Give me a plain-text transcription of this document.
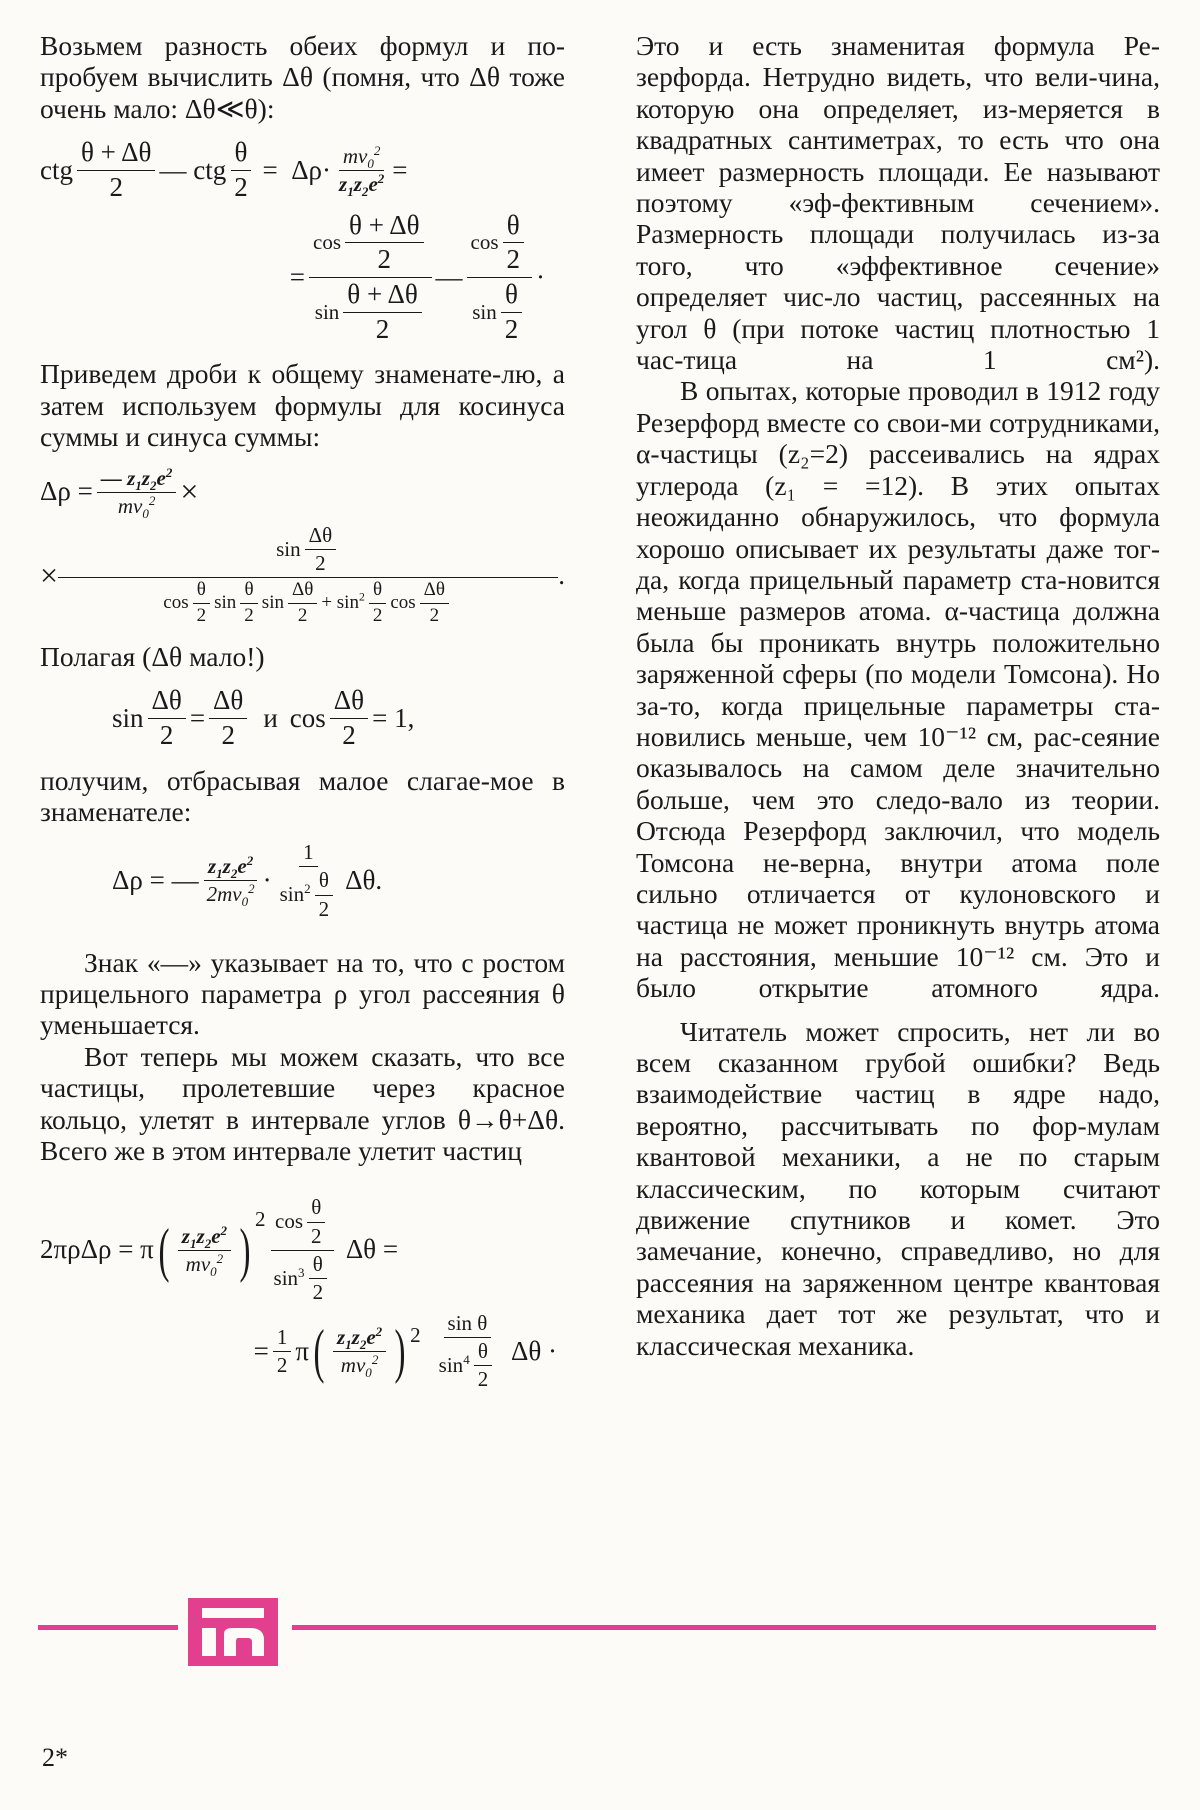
Возьмем разность обеих формул и по-пробуем вычислить Δθ (помня, что Δθ тоже очень мало: Δθ≪θ):

ctg $\frac{\theta + \Delta\theta}{2}$ — ctg $\frac{\theta}{2} = \Delta\rho\cdot \frac{mv_0^2}{z_1z_2e^2}$ =
= $\frac{\cos \frac{\theta + \Delta\theta}{2}}{\sin \frac{\theta + \Delta\theta}{2}}$ — $\frac{\cos \frac{\theta}{2}}{\sin \frac{\theta}{2}}$ ·

Приведем дроби к общему знаменате-лю, а затем используем формулы для косинуса суммы и синуса суммы:

$\Delta\rho = \frac{— z_1z_2e^2}{mv_0^2}$ ×
× $\frac{\sin \frac{\Delta\theta}{2}}{\cos \frac{\theta}{2} \sin \frac{\theta}{2} \sin \frac{\Delta\theta}{2} + \sin^2 \frac{\theta}{2} \cos \frac{\Delta\theta}{2}}$ .

Полагая (Δθ мало!)

$\sin \frac{\Delta\theta}{2} = \frac{\Delta\theta}{2}$ и $\cos \frac{\Delta\theta}{2} = 1$,

получим, отбрасывая малое слагае-мое в знаменателе:

Δρ = — $\frac{z_1z_2e^2}{2mv_0^2} \cdot \frac{1}{\sin^2 \frac{\theta}{2}} \Delta\theta$.

Знак «—» указывает на то, что с ростом прицельного параметра ρ угол рассеяния θ уменьшается.

Вот теперь мы можем сказать, что все частицы, пролетевшие через красное кольцо, улетят в интервале углов θ→θ+Δθ. Всего же в этом интервале улетит частиц

2πρΔρ = π ( $\frac{z_1z_2e^2}{mv_0^2}$ ) $2 \frac{\cos \frac{\theta}{2}}{\sin^3 \frac{\theta}{2}}$ Δθ =
= $\frac{1}{2}$ π ( $\frac{z_1z_2e^2}{mv_0^2}$ ) $2 \frac{\text{sin θ}}{\sin^4 \frac{\theta}{2}}$ Δθ ·

Это и есть знаменитая формула Ре-зерфорда. Нетрудно видеть, что вели-чина, которую она определяет, из-меряется в квадратных сантиметрах, то есть что она имеет размерность площади. Ее называют поэтому «эф-фективным сечением». Размерность площади получилась из-за того, что «эффективное сечение» определяет чис-ло частиц, рассеянных на угол θ (при потоке частиц плотностью 1 час-тица на 1 см²).

В опытах, которые проводил в 1912 году Резерфорд вместе со свои-ми сотрудниками, α-частицы (z₂=2) рассеивались на ядрах углерода (z₁ = =12). В этих опытах неожиданно обнаружилось, что формула хорошо описывает их результаты даже тог-да, когда прицельный параметр ста-новится меньше размеров атома. α-частица должна была бы проникать внутрь положительно заряженной сферы (по модели Томсона). Но за-то, когда прицельные параметры ста-новились меньше, чем 10⁻¹² см, рас-сеяние оказывалось на самом деле значительно больше, чем это следо-вало из теории. Отсюда Резерфорд заключил, что модель Томсона не-верна, внутри атома поле сильно отличается от кулоновского и частица не может проникнуть внутрь атома на расстояния, меньшие 10⁻¹² см. Это и было открытие атомного ядра.

Читатель может спросить, нет ли во всем сказанном грубой ошибки? Ведь взаимодействие частиц в ядре надо, вероятно, рассчитывать по фор-мулам квантовой механики, а не по старым классическим, по которым считают движение спутников и комет. Это замечание, конечно, справедливо, но для рассеяния на заряженном центре квантовая механика дает тот же результат, что и классическая механика.

2*
